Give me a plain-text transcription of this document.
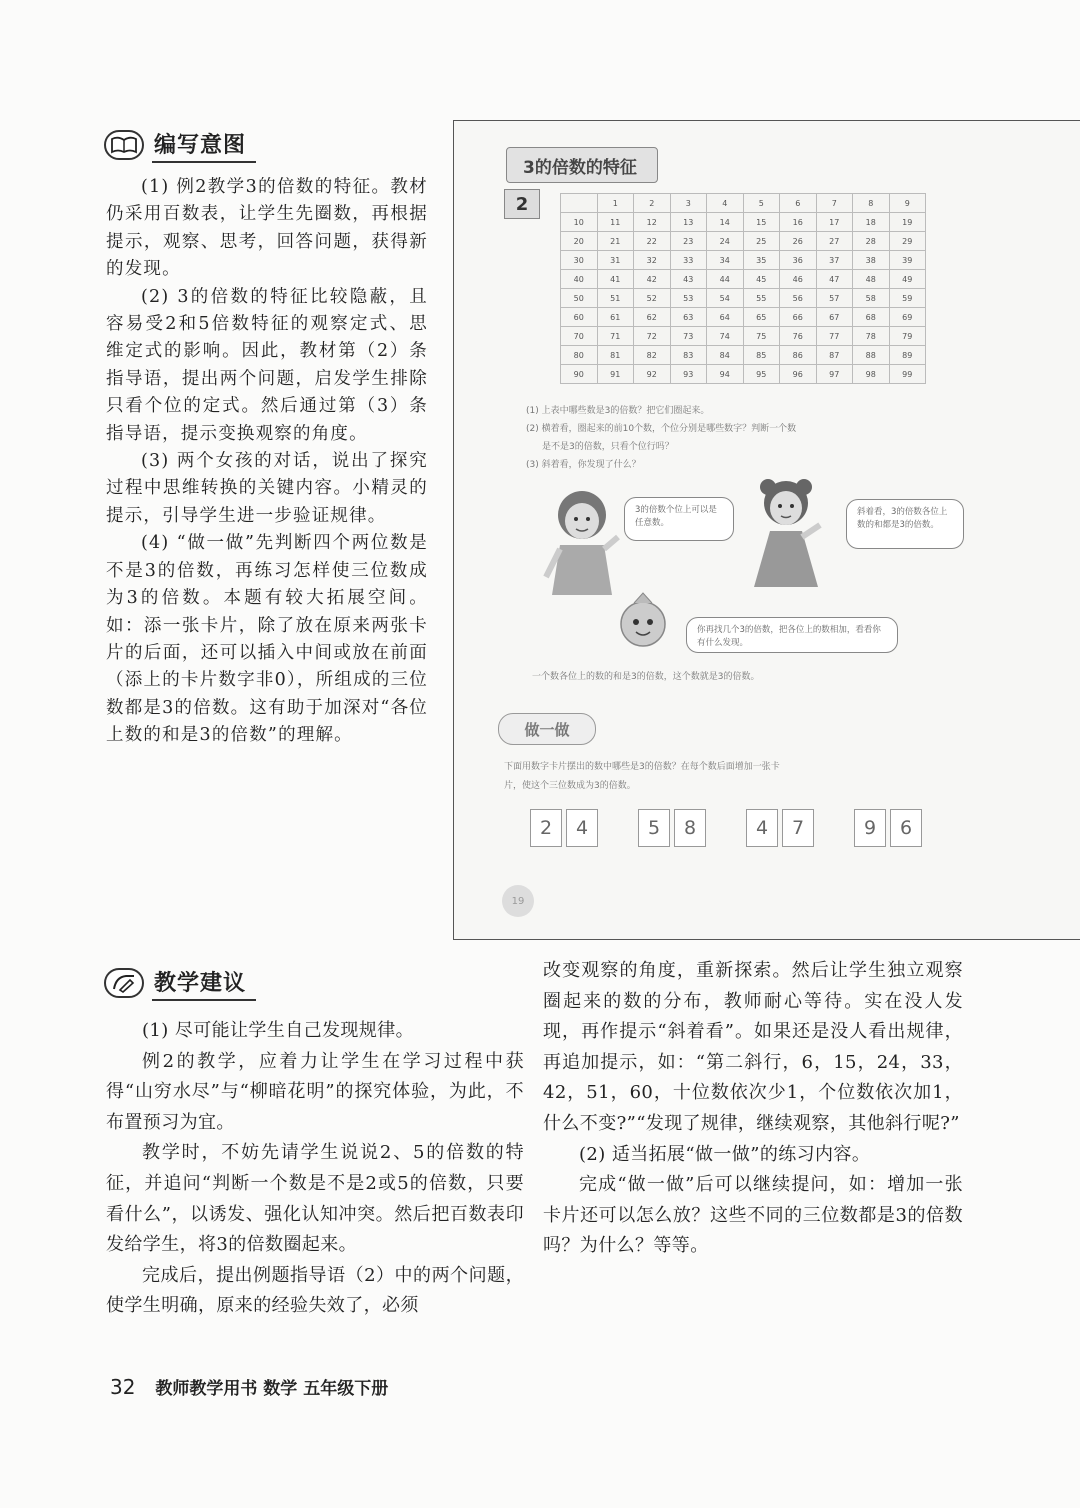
编写意图

(1) 例2教学3的倍数的特征。教材仍采用百数表，让学生先圈数，再根据提示，观察、思考，回答问题，获得新的发现。

(2) 3的倍数的特征比较隐蔽，且容易受2和5倍数特征的观察定式、思维定式的影响。因此，教材第（2）条指导语，提出两个问题，启发学生排除只看个位的定式。然后通过第（3）条指导语，提示变换观察的角度。

(3) 两个女孩的对话，说出了探究过程中思维转换的关键内容。小精灵的提示，引导学生进一步验证规律。

(4) “做一做”先判断四个两位数是不是3的倍数，再练习怎样使三位数成为3的倍数。本题有较大拓展空间。如：添一张卡片，除了放在原来两张卡片的后面，还可以插入中间或放在前面（添上的卡片数字非0），所组成的三位数都是3的倍数。这有助于加深对“各位上数的和是3的倍数”的理解。

3的倍数的特征
2
		1	2	3	4	5	6	7	8	9
10	11	12	13	14	15	16	17	18	19
20	21	22	23	24	25	26	27	28	29
30	31	32	33	34	35	36	37	38	39
40	41	42	43	44	45	46	47	48	49
50	51	52	53	54	55	56	57	58	59
60	61	62	63	64	65	66	67	68	69
70	71	72	73	74	75	76	77	78	79
80	81	82	83	84	85	86	87	88	89
90	91	92	93	94	95	96	97	98	99
(1) 上表中哪些数是3的倍数？把它们圈起来。
(2) 横着看，圈起来的前10个数，个位分别是哪些数字？判断一个数
是不是3的倍数，只看个位行吗？
(3) 斜着看，你发现了什么？
3的倍数个位上可以是任意数。
斜着看，3的倍数各位上数的和都是3的倍数。
你再找几个3的倍数，把各位上的数相加，看看你有什么发现。
一个数各位上的数的和是3的倍数，这个数就是3的倍数。
做一做
下面用数字卡片摆出的数中哪些是3的倍数？在每个数后面增加一张卡
片，使这个三位数成为3的倍数。
2	4	5	8	4	7	9	6
19
教学建议

(1) 尽可能让学生自己发现规律。

例2的教学，应着力让学生在学习过程中获得“山穷水尽”与“柳暗花明”的探究体验，为此，不布置预习为宜。

教学时，不妨先请学生说说2、5的倍数的特征，并追问“判断一个数是不是2或5的倍数，只要看什么”，以诱发、强化认知冲突。然后把百数表印发给学生，将3的倍数圈起来。

完成后，提出例题指导语（2）中的两个问题，使学生明确，原来的经验失效了，必须

改变观察的角度，重新探索。然后让学生独立观察圈起来的数的分布，教师耐心等待。实在没人发现，再作提示“斜着看”。如果还是没人看出规律，再追加提示，如：“第二斜行，6，15，24，33，42，51，60，十位数依次少1，个位数依次加1，什么不变?”“发现了规律，继续观察，其他斜行呢?”

(2) 适当拓展“做一做”的练习内容。

完成“做一做”后可以继续提问，如：增加一张卡片还可以怎么放？这些不同的三位数都是3的倍数吗？为什么？等等。

32 教师教学用书 数学 五年级下册
